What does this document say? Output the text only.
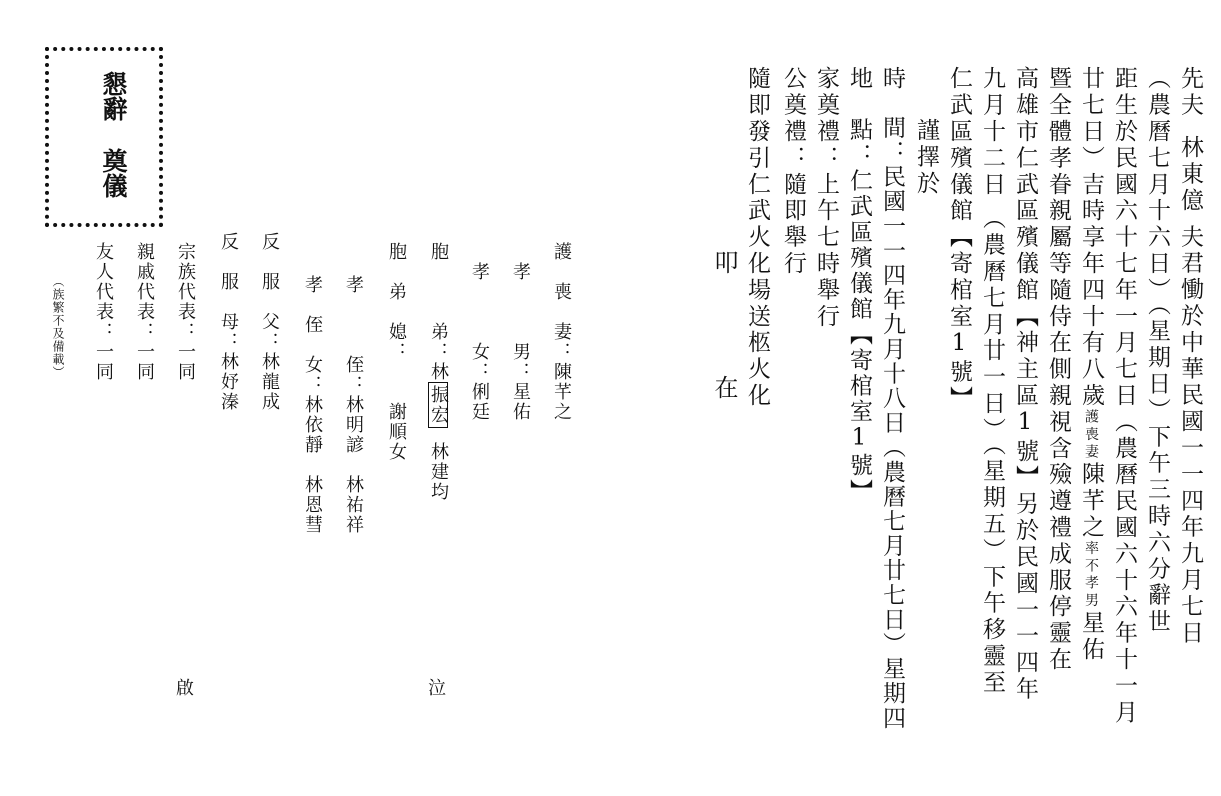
懇辭
奠儀
先夫林東億夫君慟於中華民國一一四年九月七日
（農曆七月十六日）（星期日）下午三時六分辭世
距生於民國六十七年一月七日（農曆民國六十六年十一月
廿七日）吉時享年四十有八歲護喪妻陳芊之率不孝男星佑
暨全體孝眷親屬等隨侍在側親視含殮遵禮成服停靈在
高雄市仁武區殯儀館【神主區1號】另於民國一一四年
九月十二日（農曆七月廿一日）（星期五）下午移靈至
仁武區殯儀館【寄棺室1號】
謹擇於
時　間：民國一一四年九月十八日（農曆七月廿七日）星期四
地　點：仁武區殯儀館【寄棺室1號】
家奠禮：上午七時舉行
公奠禮：隨即舉行
隨即發引仁武火化場送柩火化
叩
在
護　喪　妻：陳芊之
孝　　　男：星佑
孝　　　女：俐廷
胞　　　弟：林振宏林建均
胞　弟　媳：　　謝順女
孝　　　侄：林明諺　林祐祥
孝　侄　女：林依靜　林恩彗
反　服　父：林龍成
反　服　母：林妤溱
宗族代表：一同
親戚代表：一同
友人代表：一同
（族繁不及備載）
泣
啟
